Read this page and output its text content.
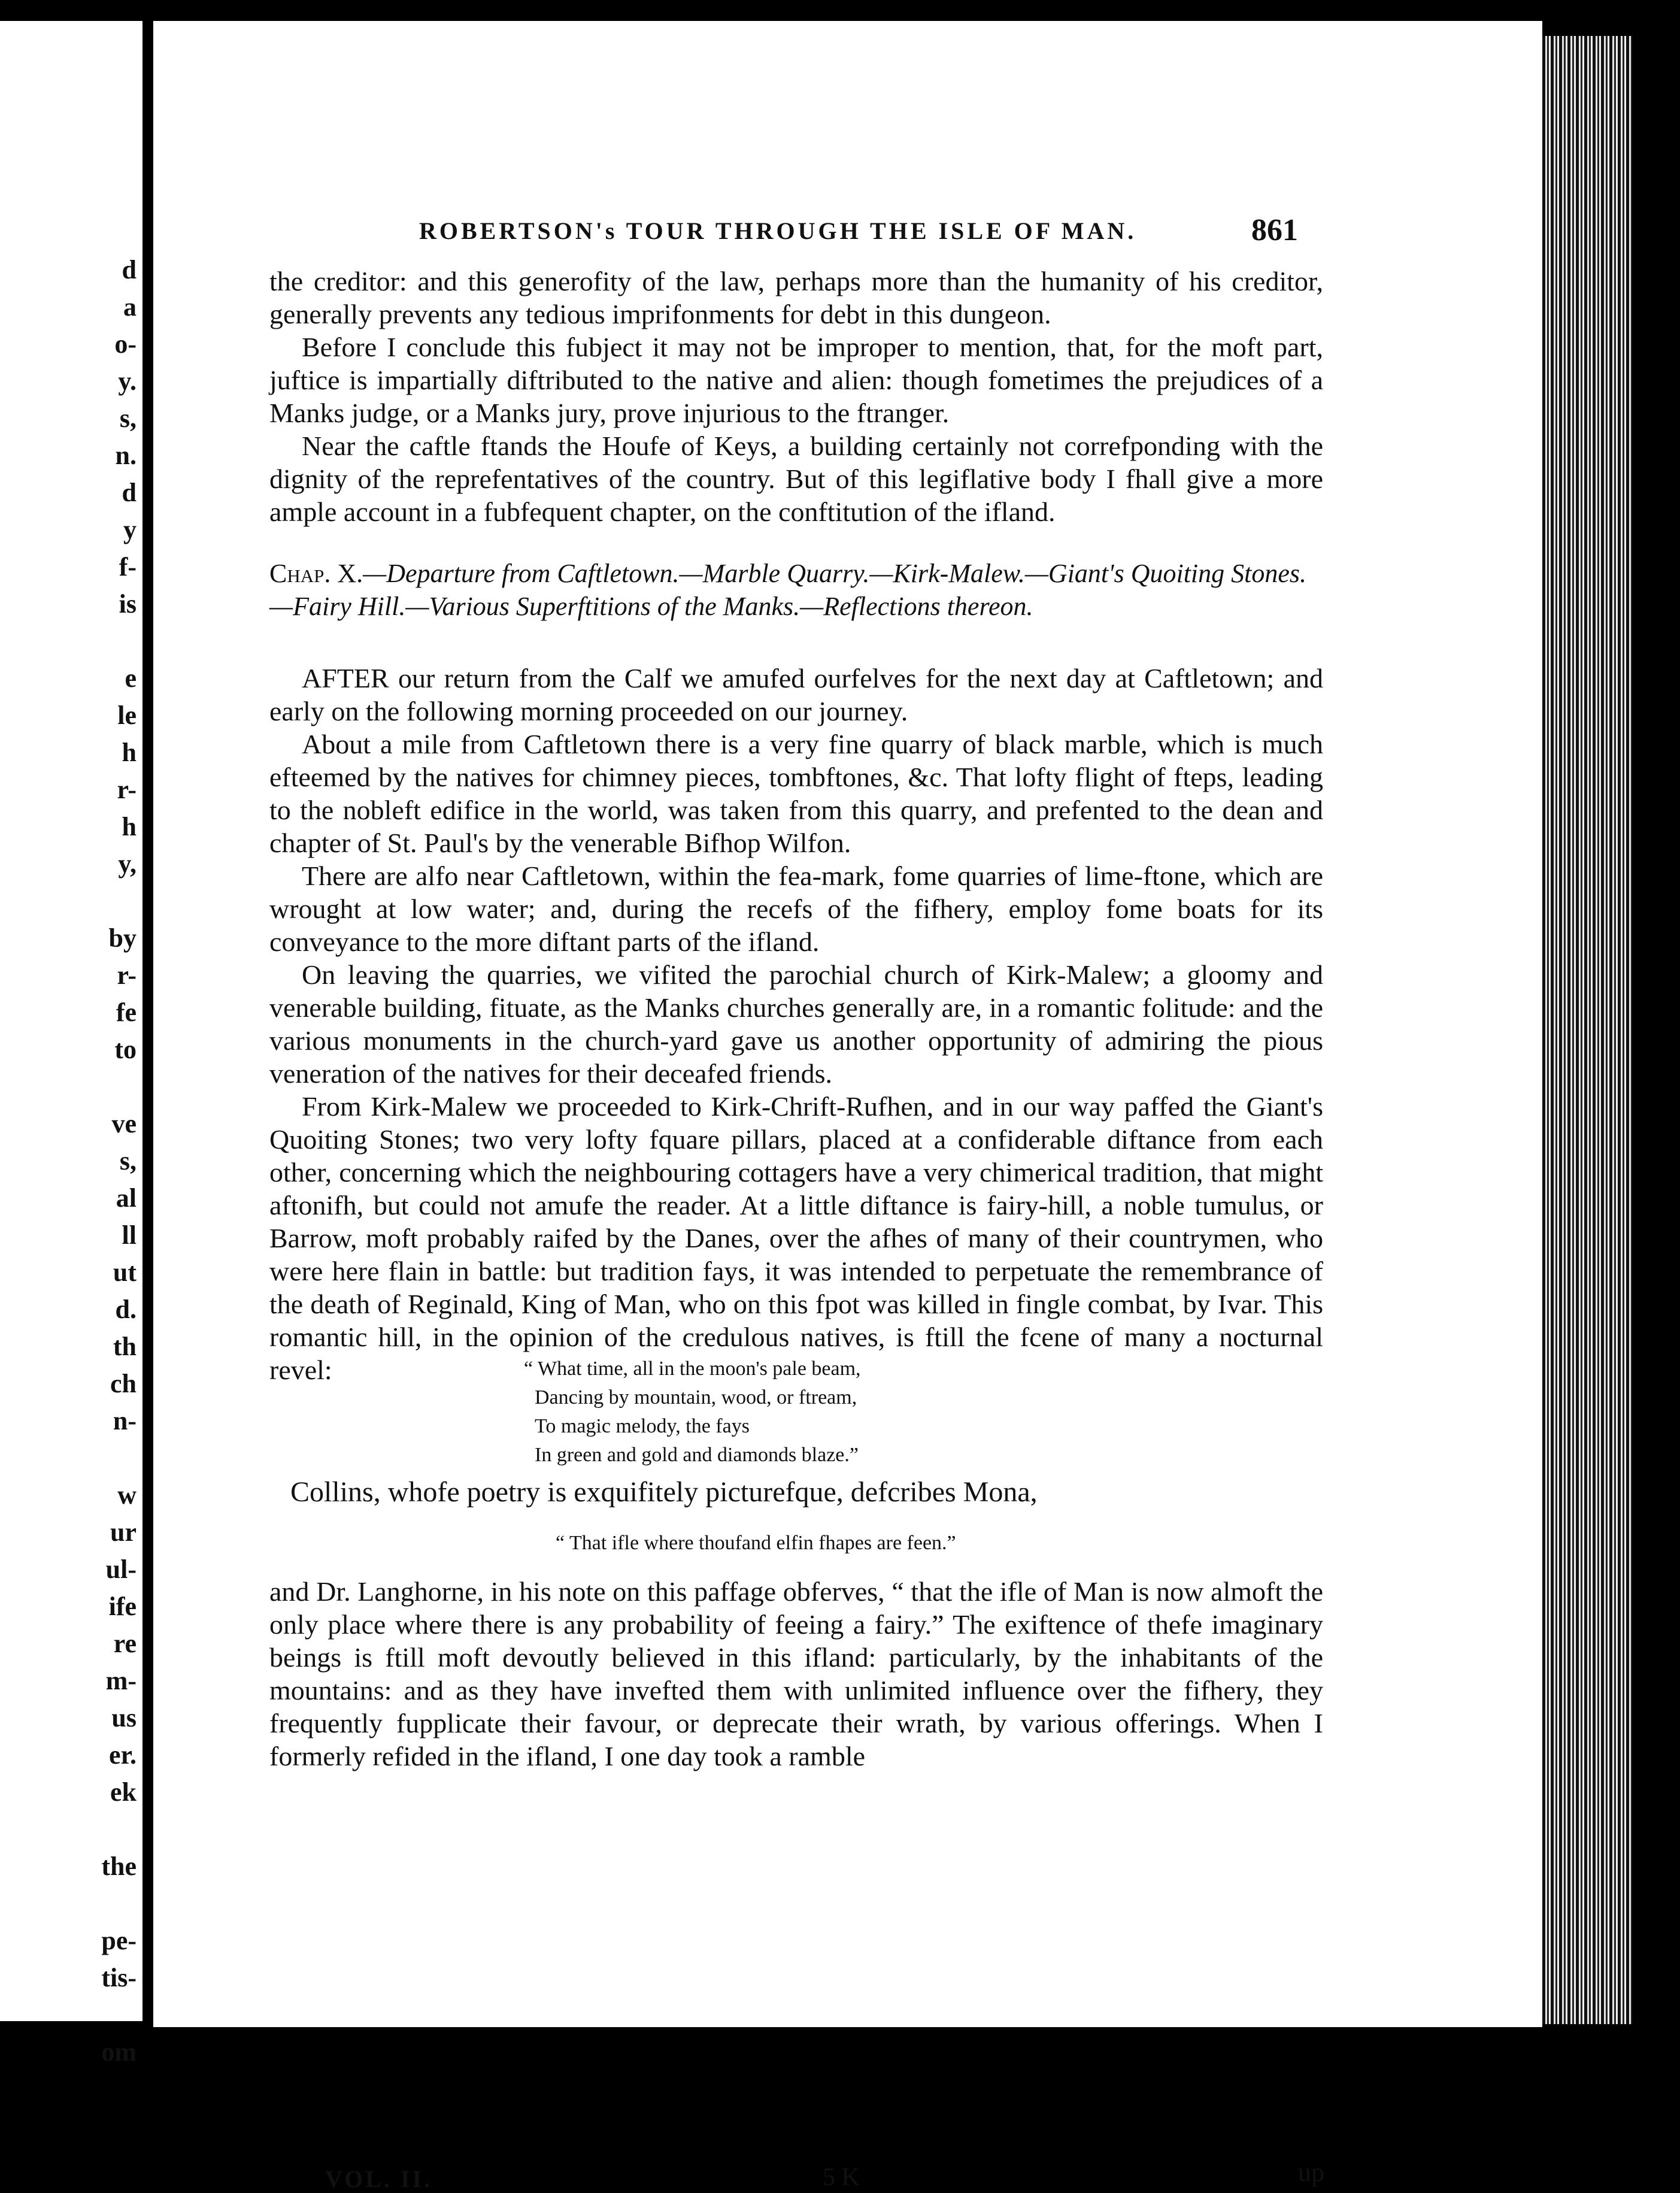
d
a
o-
y.
s,
n.
d
y
f-
is
e
le
h
r-
h
y,
by
r-
fe
to
ve
s,
al
ll
ut
d.
th
ch
n-
w
ur
ul-
ife
re
m-
us
er.
ek
the
pe-
tis-
om
ROBERTSON's TOUR THROUGH THE ISLE OF MAN.	861

the creditor: and this generofity of the law, perhaps more than the humanity of his creditor, generally prevents any tedious imprifonments for debt in this dungeon.

Before I conclude this fubject it may not be improper to mention, that, for the moft part, juftice is impartially diftributed to the native and alien: though fometimes the prejudices of a Manks judge, or a Manks jury, prove injurious to the ftranger.

Near the caftle ftands the Houfe of Keys, a building certainly not correfponding with the dignity of the reprefentatives of the country. But of this legiflative body I fhall give a more ample account in a fubfequent chapter, on the conftitution of the ifland.

Chap. X.—Departure from Caftletown.—Marble Quarry.—Kirk-Malew.—Giant's Quoiting Stones.—Fairy Hill.—Various Superftitions of the Manks.—Reflections thereon.

AFTER our return from the Calf we amufed ourfelves for the next day at Caftletown; and early on the following morning proceeded on our journey.

About a mile from Caftletown there is a very fine quarry of black marble, which is much efteemed by the natives for chimney pieces, tombftones, &c. That lofty flight of fteps, leading to the nobleft edifice in the world, was taken from this quarry, and prefented to the dean and chapter of St. Paul's by the venerable Bifhop Wilfon.

There are alfo near Caftletown, within the fea-mark, fome quarries of lime-ftone, which are wrought at low water; and, during the recefs of the fifhery, employ fome boats for its conveyance to the more diftant parts of the ifland.

On leaving the quarries, we vifited the parochial church of Kirk-Malew; a gloomy and venerable building, fituate, as the Manks churches generally are, in a romantic folitude: and the various monuments in the church-yard gave us another opportunity of admiring the pious veneration of the natives for their deceafed friends.

From Kirk-Malew we proceeded to Kirk-Chrift-Rufhen, and in our way paffed the Giant's Quoiting Stones; two very lofty fquare pillars, placed at a confiderable diftance from each other, concerning which the neighbouring cottagers have a very chimerical tradition, that might aftonifh, but could not amufe the reader. At a little diftance is fairy-hill, a noble tumulus, or Barrow, moft probably raifed by the Danes, over the afhes of many of their countrymen, who were here flain in battle: but tradition fays, it was intended to perpetuate the remembrance of the death of Reginald, King of Man, who on this fpot was killed in fingle combat, by Ivar. This romantic hill, in the opinion of the credulous natives, is ftill the fcene of many a nocturnal revel:	“ What time, all in the moon's pale beam,
Dancing by mountain, wood, or ftream,
To magic melody, the fays
In green and gold and diamonds blaze.”
Collins, whofe poetry is exquifitely picturefque, defcribes Mona,
“ That ifle where thoufand elfin fhapes are feen.”

and Dr. Langhorne, in his note on this paffage obferves, “ that the ifle of Man is now almoft the only place where there is any probability of feeing a fairy.” The exiftence of thefe imaginary beings is ftill moft devoutly believed in this ifland: particularly, by the inhabitants of the mountains: and as they have invefted them with unlimited influence over the fifhery, they frequently fupplicate their favour, or deprecate their wrath, by various offerings. When I formerly refided in the ifland, I one day took a ramble

VOL. II.	5 K	up
